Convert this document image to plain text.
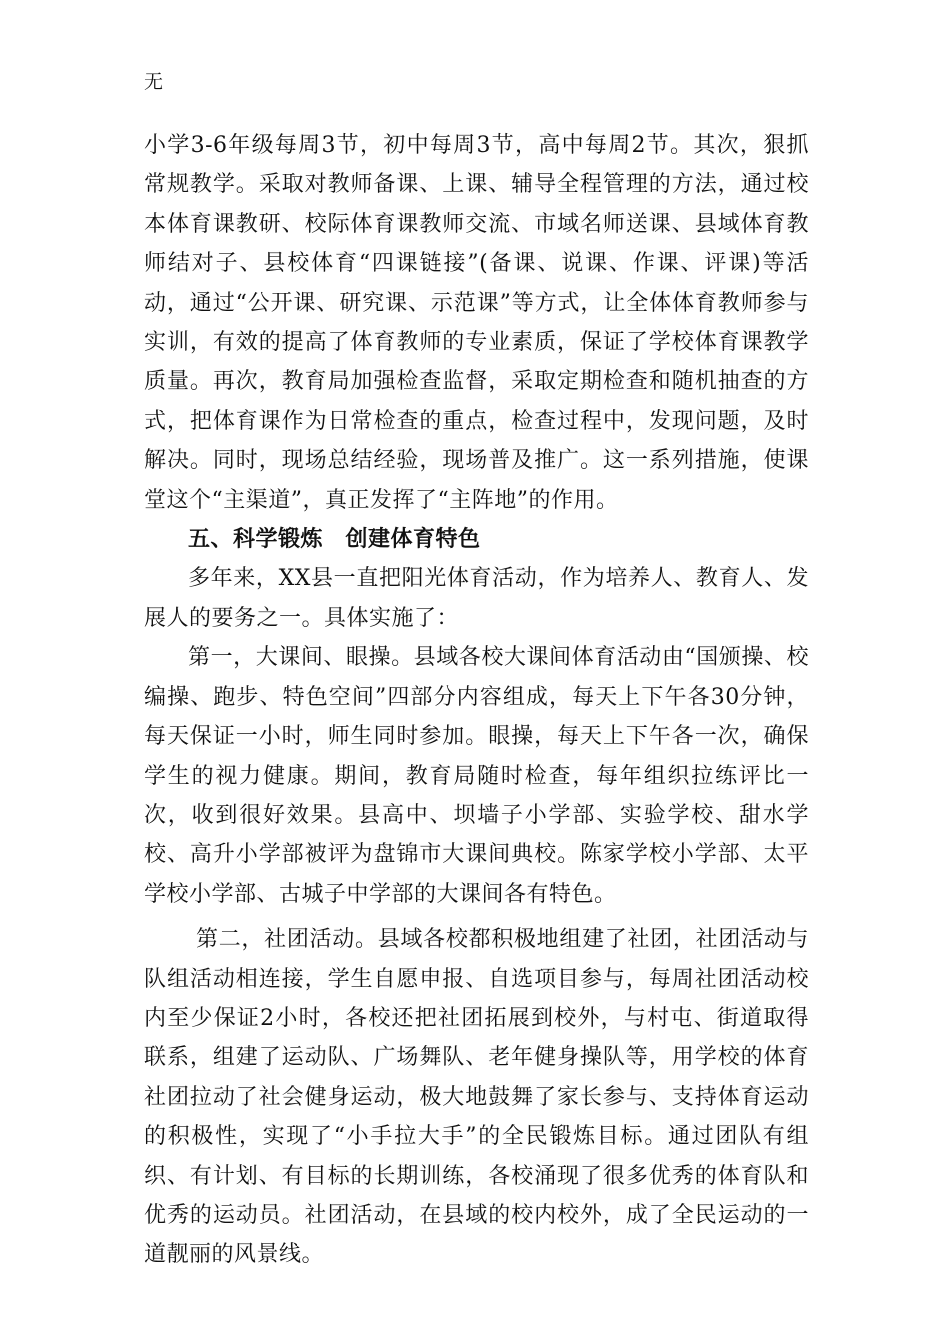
无

小学3-6年级每周3节，初中每周3节，高中每周2节。其次，狠抓常规教学。采取对教师备课、上课、辅导全程管理的方法，通过校本体育课教研、校际体育课教师交流、市域名师送课、县域体育教师结对子、县校体育“四课链接”(备课、说课、作课、评课)等活动，通过“公开课、研究课、示范课”等方式，让全体体育教师参与实训，有效的提高了体育教师的专业素质，保证了学校体育课教学质量。再次，教育局加强检查监督，采取定期检查和随机抽查的方式，把体育课作为日常检查的重点，检查过程中，发现问题，及时解决。同时，现场总结经验，现场普及推广。这一系列措施，使课堂这个“主渠道”，真正发挥了“主阵地”的作用。

五、科学锻炼　创建体育特色

多年来，XX县一直把阳光体育活动，作为培养人、教育人、发展人的要务之一。具体实施了：

第一，大课间、眼操。县域各校大课间体育活动由“国颁操、校编操、跑步、特色空间”四部分内容组成，每天上下午各30分钟，每天保证一小时，师生同时参加。眼操，每天上下午各一次，确保学生的视力健康。期间，教育局随时检查，每年组织拉练评比一次，收到很好效果。县高中、坝墙子小学部、实验学校、甜水学校、高升小学部被评为盘锦市大课间典校。陈家学校小学部、太平学校小学部、古城子中学部的大课间各有特色。

第二，社团活动。县域各校都积极地组建了社团，社团活动与队组活动相连接，学生自愿申报、自选项目参与，每周社团活动校内至少保证2小时，各校还把社团拓展到校外，与村屯、街道取得联系，组建了运动队、广场舞队、老年健身操队等，用学校的体育社团拉动了社会健身运动，极大地鼓舞了家长参与、支持体育运动的积极性，实现了“小手拉大手”的全民锻炼目标。通过团队有组织、有计划、有目标的长期训练，各校涌现了很多优秀的体育队和优秀的运动员。社团活动，在县域的校内校外，成了全民运动的一道靓丽的风景线。
